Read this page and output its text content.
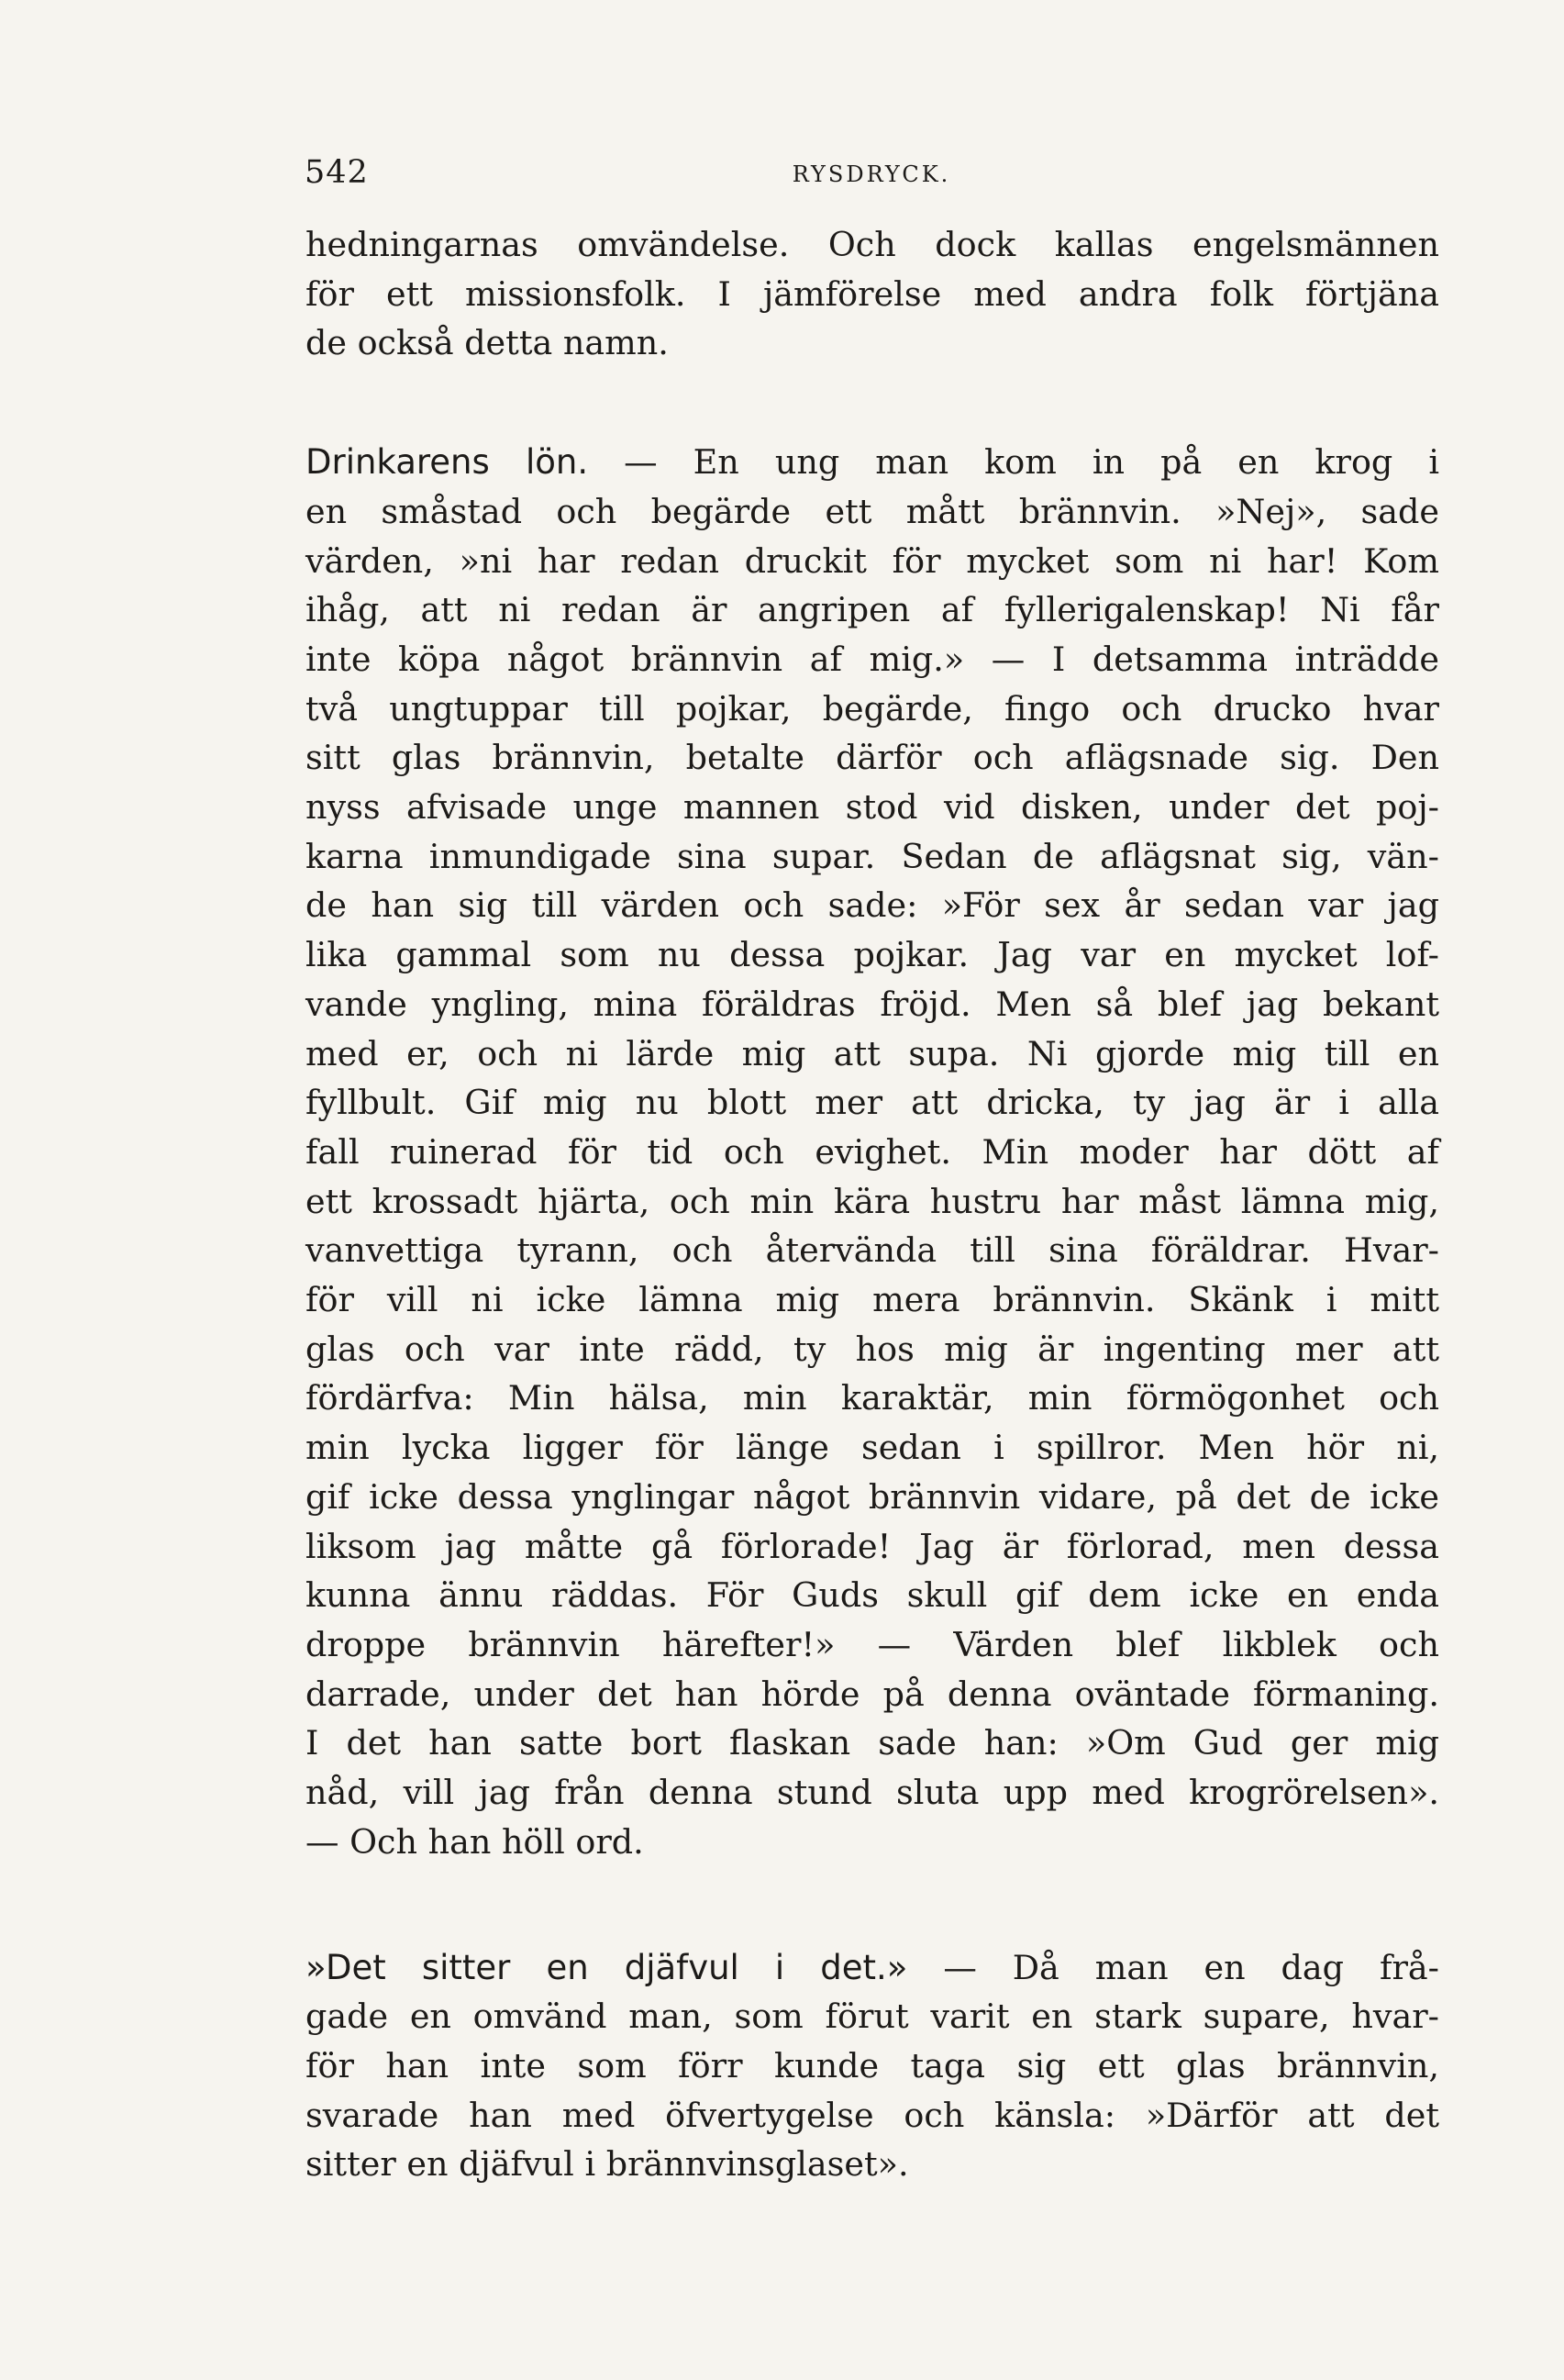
542	RYSDRYCK.

hedningarnas omvändelse. Och dock kallas engelsmännen
för ett missionsfolk. I jämförelse med andra folk förtjäna
de också detta namn.

Drinkarens lön. — En ung man kom in på en krog i
en småstad och begärde ett mått brännvin. »Nej», sade
värden, »ni har redan druckit för mycket som ni har! Kom
ihåg, att ni redan är angripen af fyllerigalenskap! Ni får
inte köpa något brännvin af mig.» — I detsamma inträdde
två ungtuppar till pojkar, begärde, fingo och drucko hvar
sitt glas brännvin, betalte därför och aflägsnade sig. Den
nyss afvisade unge mannen stod vid disken, under det poj-
karna inmundigade sina supar. Sedan de aflägsnat sig, vän-
de han sig till värden och sade: »För sex år sedan var jag
lika gammal som nu dessa pojkar. Jag var en mycket lof-
vande yngling, mina föräldras fröjd. Men så blef jag bekant
med er, och ni lärde mig att supa. Ni gjorde mig till en
fyllbult. Gif mig nu blott mer att dricka, ty jag är i alla
fall ruinerad för tid och evighet. Min moder har dött af
ett krossadt hjärta, och min kära hustru har måst lämna mig,
vanvettiga tyrann, och återvända till sina föräldrar. Hvar-
för vill ni icke lämna mig mera brännvin. Skänk i mitt
glas och var inte rädd, ty hos mig är ingenting mer att
fördärfva: Min hälsa, min karaktär, min förmögonhet och
min lycka ligger för länge sedan i spillror. Men hör ni,
gif icke dessa ynglingar något brännvin vidare, på det de icke
liksom jag måtte gå förlorade! Jag är förlorad, men dessa
kunna ännu räddas. För Guds skull gif dem icke en enda
droppe brännvin härefter!» — Värden blef likblek och
darrade, under det han hörde på denna oväntade förmaning.
I det han satte bort flaskan sade han: »Om Gud ger mig
nåd, vill jag från denna stund sluta upp med krogrörelsen».
— Och han höll ord.

»Det sitter en djäfvul i det.» — Då man en dag frå-
gade en omvänd man, som förut varit en stark supare, hvar-
för han inte som förr kunde taga sig ett glas brännvin,
svarade han med öfvertygelse och känsla: »Därför att det
sitter en djäfvul i brännvinsglaset».
